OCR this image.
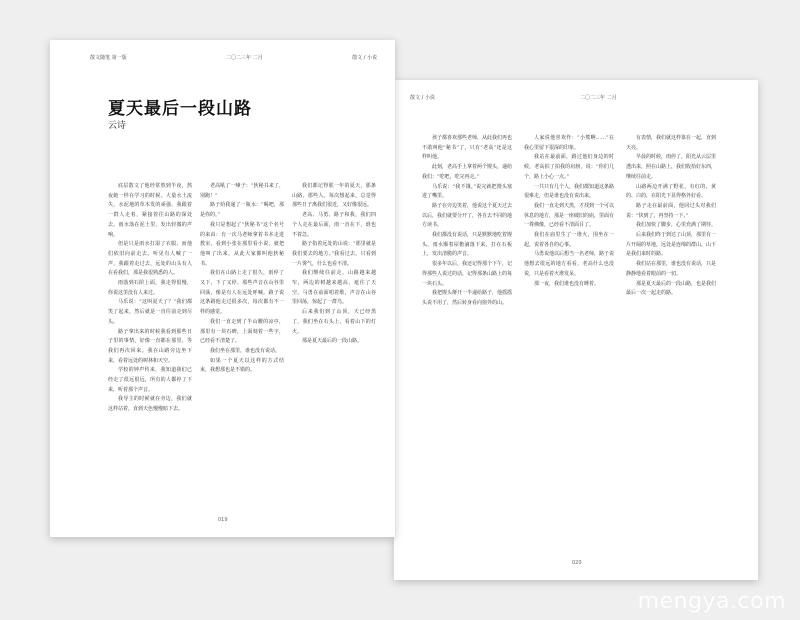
散文随笔 第一版	二〇二三年 二月	散文 / 小说
夏天最后一段山路
云诗

底层散文了他经常熬到半夜，熬夜她一样在学习的时候。大量水土流失，水泥地的草木发的顽强，我跟着一群人走着，紧接着往山路的深处去。雨水落在泥土里，发出轻微的声响。

但是只是雨水打湿了衣服，而他们依旧向前走去。听见有人喊了一声，我跟着走过去，远处的山头有人在看我们，那是我很熟悉的人。

雨落到石阶上面，我走得很慢，你说这里没有人来过。

马乐说：“这叫夏天了？”我们都笑了起来，然后就是一直往前走到尽头。

路子拿出来的时候我看到那些日子里的事情，好像一直都在那里，等我们再次回来。我在山路旁边坐下来，看着远处的树林和天空。

学校的钟声传来，我知道我们已经走了很远很远，所有的人都停了下来，听着那个声音。

我导主的时候就在旁边，我们就这样站着，直到天色慢慢暗下去。

老高吼了一嗓子：“狄秘书来了，别跑！”

路子给我递了一瓶水：“喝吧，那是你的。”

我只是想起了“狄秘书”这个名号的来由：有一次马老师拿着书本走进教室，看到小张在那里看小说，就把他叫了出来，从此大家都叫他狄秘书。

我们在山路上走了很久，雨停了又下，下了又停。那些声音在山谷里回荡，像是有人在远处呼喊。路子说这条路他走过很多次，每次都有不一样的感觉。

我们一直走到了半山腰的凉亭，那里有一块石碑，上面刻着一些字，已经看不清楚了。

我们坐在那里，谁也没有说话。

如果一个夏天以这样的方式结束，我想那也是不错的。

我们都记得那一年的夏天，那条山路，那些人。每次想起来，总觉得那些日子离我们很近，又好像很远。

老高、马勇、路子和我，我们四个人走在最后面，雨一直在下，谁也不着急。

路子指着远处的山说：“那里就是我们要去的地方。”我看过去，只看到一片雾气，什么也看不清。

我们继续往前走，山路越来越窄，两边的树越来越高，遮住了天空。马勇在前面唱着歌，声音在山谷里回荡，惊起了一群鸟。

后来我们到了山顶，天已经黑了，我们坐在石头上，看着山下的灯火。

那是夏天最后的一段山路。

019
散文 / 小说	二〇二三年 二月

孩子都喜欢那些老师，从此我们再也不敢叫他“秘书”了，只有“老高”还是这样叫他。

此刻，老高手上拿着两个馒头，递给我们：“吃吧，吃完再走。”

马乐说：“我不饿。”说完就把馒头塞进了嘴里。

路子在旁边笑着，他说这个夏天过去以后，我们就要分开了，各自去不同的地方读书。

我们都没有说话，只是默默地吃着馒头，雨水顺着屋檐滴落下来，打在石板上，发出清脆的声音。

很多年以后，我还记得那个下午，记得那些人说过的话，记得那条山路上的每一块石头。

我把馒头掰开一半递给路子，他摇摇头说不用了，然后转身看向窗外的山。

人家说他喜欢作：“小熊啊……”在我心里留下很深的印象。

我站在最前面，路过他们身边的时候，老高拍了拍我的肩膀，说：“你们几个，路上小心一点。”

一共只有几个人，我们都知道这条路很难走，但是谁也没有说出来。

我们一直走到天黑，才找到一个可以休息的地方，那是一座破旧的庙，里面有一尊佛像，已经看不清面目了。

我们在庙里生了一堆火，围坐在一起，说着各自的心事。

马勇说他以后想当一名老师，路子说他想去很远的地方看看，老高什么也没说，只是看着火堆发呆。

那一夜，我们谁也没有睡着。

有表情，我们就这样靠在一起，直到天亮。

早晨的时候，雨停了，阳光从云层里透出来，照在山路上，我们收拾好东西，继续往前走。

山路两边开满了野花，有红的、黄的、白的，在阳光下显得格外好看。

路子走在最前面，他回过头对我们说：“快到了，再坚持一下。”

我们加快了脚步，心里充满了期待。

后来我们终于到达了山顶，那里有一片开阔的草地，远处是连绵的群山，山下是我们来时的路。

我们站在那里，谁也没有说话，只是静静地看着眼前的一切。

那是夏天最后的一段山路，也是我们最后一次一起走的路。

020
mengya.com
